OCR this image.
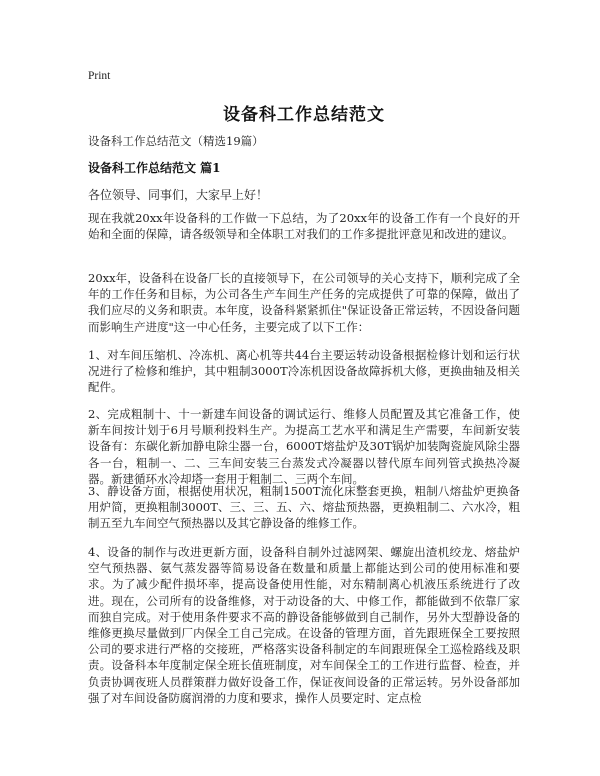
Print
设备科工作总结范文
设备科工作总结范文（精选19篇）
设备科工作总结范文 篇1
各位领导、同事们，大家早上好！

现在我就20xx年设备科的工作做一下总结，为了20xx年的设备工作有一个良好的开始和全面的保障，请各级领导和全体职工对我们的工作多提批评意见和改进的建议。

20xx年，设备科在设备厂长的直接领导下，在公司领导的关心支持下，顺利完成了全年的工作任务和目标，为公司各生产车间生产任务的完成提供了可靠的保障，做出了我们应尽的义务和职责。本年度，设备科紧紧抓住"保证设备正常运转，不因设备问题而影响生产进度"这一中心任务，主要完成了以下工作：

1、对车间压缩机、冷冻机、离心机等共44台主要运转动设备根据检修计划和运行状况进行了检修和维护，其中粗制3000T冷冻机因设备故障拆机大修，更换曲轴及相关配件。

2、完成粗制十、十一新建车间设备的调试运行、维修人员配置及其它准备工作，使新车间按计划于6月号顺利投料生产。为提高工艺水平和满足生产需要，车间新安装设备有：东碳化新加静电除尘器一台，6000T熔盐炉及30T锅炉加装陶瓷旋风除尘器各一台，粗制一、二、三车间安装三台蒸发式冷凝器以替代原车间列管式换热冷凝器。新建循环水冷却塔一套用于粗制二、三两个车间。

3、静设备方面，根据使用状况，粗制1500T流化床整套更换，粗制八熔盐炉更换备用炉简，更换粗制3000T、三、三、五、六、熔盐预热器，更换粗制二、六水冷，粗制五至九车间空气预热器以及其它静设备的维修工作。

4、设备的制作与改进更新方面，设备科自制外过滤网架、螺旋出渣机绞龙、熔盐炉空气预热器、氨气蒸发器等简易设备在数量和质量上都能达到公司的使用标准和要求。为了减少配件损坏率，提高设备使用性能，对东精制离心机液压系统进行了改进。现在，公司所有的设备维修，对于动设备的大、中修工作，都能做到不依靠厂家而独自完成。对于使用条件要求不高的静设备能够做到自己制作，另外大型静设备的维修更换尽量做到厂内保全工自己完成。在设备的管理方面，首先跟班保全工要按照公司的要求进行严格的交接班，严格落实设备科制定的车间跟班保全工巡检路线及职责。设备科本年度制定保全班长值班制度，对车间保全工的工作进行监督、检查，并负责协调夜班人员群策群力做好设备工作，保证夜间设备的正常运转。另外设备部加强了对车间设备防腐润滑的力度和要求，操作人员要定时、定点检
